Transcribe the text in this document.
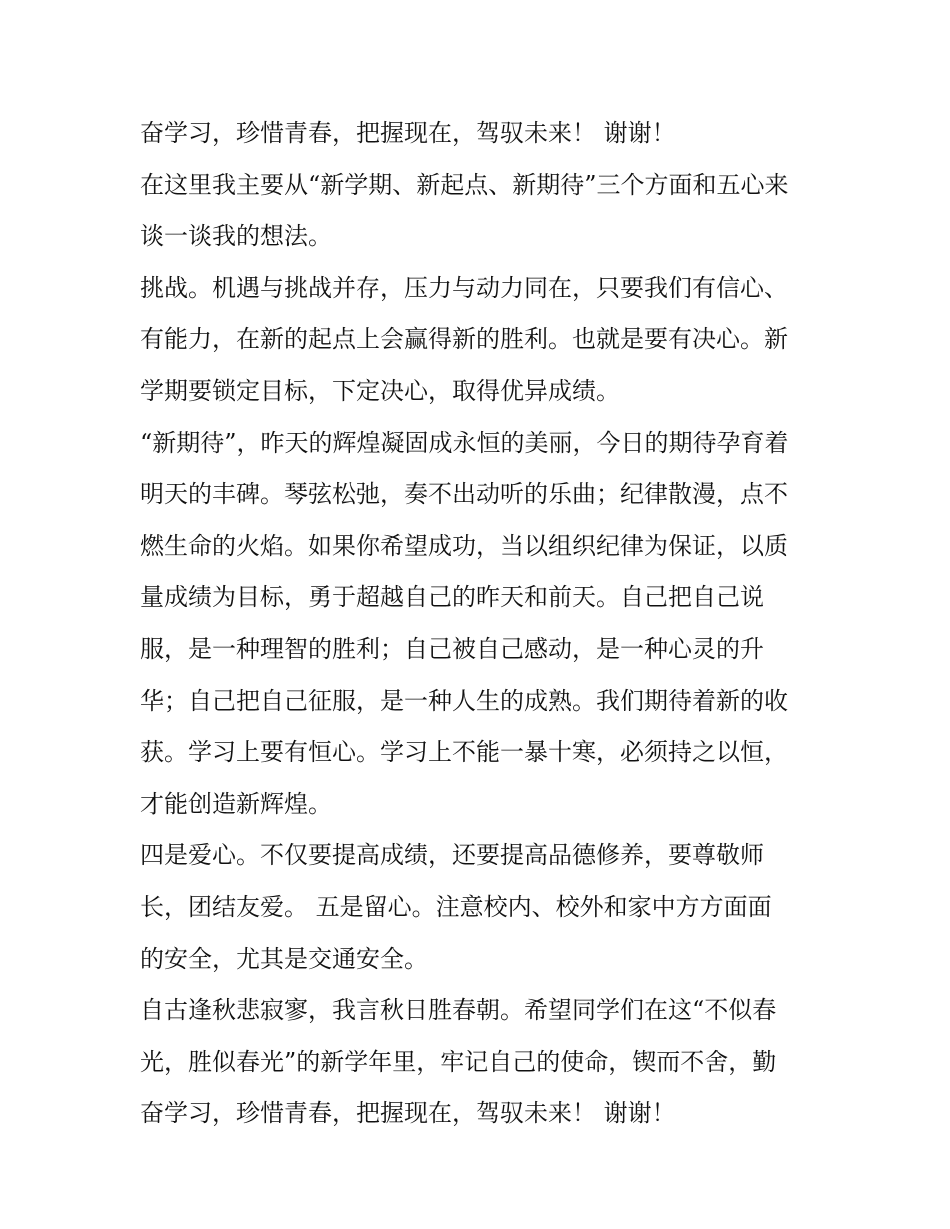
奋学习，珍惜青春，把握现在，驾驭未来！ 谢谢！
在这里我主要从“新学期、新起点、新期待”三个方面和五心来
谈一谈我的想法。
挑战。机遇与挑战并存，压力与动力同在，只要我们有信心、
有能力，在新的起点上会赢得新的胜利。也就是要有决心。新
学期要锁定目标，下定决心，取得优异成绩。
“新期待”，昨天的辉煌凝固成永恒的美丽，今日的期待孕育着
明天的丰碑。琴弦松弛，奏不出动听的乐曲；纪律散漫，点不
燃生命的火焰。如果你希望成功，当以组织纪律为保证，以质
量成绩为目标，勇于超越自己的昨天和前天。自己把自己说
服，是一种理智的胜利；自己被自己感动，是一种心灵的升
华；自己把自己征服，是一种人生的成熟。我们期待着新的收
获。学习上要有恒心。学习上不能一暴十寒，必须持之以恒，
才能创造新辉煌。
四是爱心。不仅要提高成绩，还要提高品德修养，要尊敬师
长，团结友爱。 五是留心。注意校内、校外和家中方方面面
的安全，尤其是交通安全。
自古逢秋悲寂寥，我言秋日胜春朝。希望同学们在这“不似春
光，胜似春光”的新学年里，牢记自己的使命，锲而不舍，勤
奋学习，珍惜青春，把握现在，驾驭未来！ 谢谢！
